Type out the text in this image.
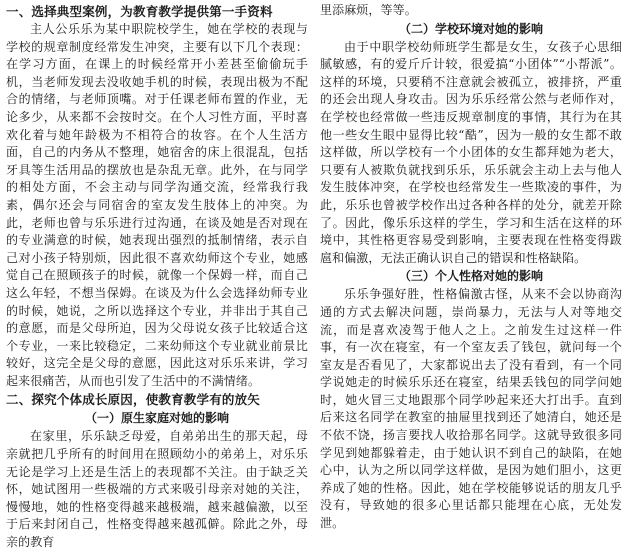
一、选择典型案例，为教育教学提供第一手资料

主人公乐乐为某中职院校学生，她在学校的表现与学校的规章制度经常发生冲突，主要有以下几个表现：在学习方面，在课上的时候经常开小差甚至偷偷玩手机，当老师发现去没收她手机的时候，表现出极为不配合的情绪，与老师顶嘴。对于任课老师布置的作业，无论多少，从来都不会按时交。在个人习性方面，平时喜欢化着与她年龄极为不相符合的妆容。在个人生活方面，自己的内务从不整理，她宿舍的床上很混乱，包括牙具等生活用品的摆放也是杂乱无章。此外，在与同学的相处方面，不会主动与同学沟通交流，经常我行我素，偶尔还会与同宿舍的室友发生肢体上的冲突。为此，老师也曾与乐乐进行过沟通，在谈及她是否对现在的专业满意的时候，她表现出强烈的抵制情绪，表示自己对小孩子特别烦，因此很不喜欢幼师这个专业，她感觉自己在照顾孩子的时候，就像一个保姆一样，而自己这么年轻，不想当保姆。在谈及为什么会选择幼师专业的时候，她说，之所以选择这个专业，并非出于其自己的意愿，而是父母所迫，因为父母说女孩子比较适合这个专业，一来比较稳定，二来幼师这个专业就业前景比较好，这完全是父母的意愿，因此这对乐乐来讲，学习起来很痛苦，从而也引发了生活中的不满情绪。

二、探究个体成长原因，使教育教学有的放矢
（一）原生家庭对她的影响

在家里，乐乐缺乏母爱，自弟弟出生的那天起，母亲就把几乎所有的时间用在照顾幼小的弟弟上，对乐乐无论是学习上还是生活上的表现都不关注。由于缺乏关怀，她试图用一些极端的方式来吸引母亲对她的关注，慢慢地，她的性格变得越来越极端，越来越偏激，以至于后来封闭自己，性格变得越来越孤僻。除此之外，母亲的教育

里添麻烦，等等。

（二）学校环境对她的影响

由于中职学校幼师班学生都是女生，女孩子心思细腻敏感，有的爱斤斤计较，很爱搞“小团体”“小帮派”。这样的环境，只要稍不注意就会被孤立，被排挤，严重的还会出现人身攻击。因为乐乐经常公然与老师作对，在学校也经常做一些违反规章制度的事情，其行为在其他一些女生眼中显得比较“酷”，因为一般的女生都不敢这样做，所以学校有一个小团体的女生都拜她为老大，只要有人被欺负就找到乐乐，乐乐就会主动上去与他人发生肢体冲突，在学校也经常发生一些欺凌的事件，为此，乐乐也曾被学校作出过各种各样的处分，就差开除了。因此，像乐乐这样的学生，学习和生活在这样的环境中，其性格更容易受到影响，主要表现在性格变得跋扈和偏激，无法正确认识自己的错误和性格缺陷。

（三）个人性格对她的影响

乐乐争强好胜，性格偏激古怪，从来不会以协商沟通的方式去解决问题，崇尚暴力，无法与人对等地交流，而是喜欢凌驾于他人之上。之前发生过这样一件事，有一次在寝室，有一个室友丢了钱包，就问每一个室友是否看见了，大家都说出去了没有看到，有一个同学说她走的时候乐乐还在寝室，结果丢钱包的同学问她时，她火冒三丈地跟那个同学吵起来还大打出手。直到后来这名同学在教室的抽屉里找到还了她清白，她还是不依不饶，扬言要找人收拾那名同学。这就导致很多同学见到她都躲着走，由于她认识不到自己的缺陷，在她心中，认为之所以同学这样做，是因为她们胆小，这更养成了她的性格。因此，她在学校能够说话的朋友几乎没有，导致她的很多心里话都只能埋在心底，无处发泄。
